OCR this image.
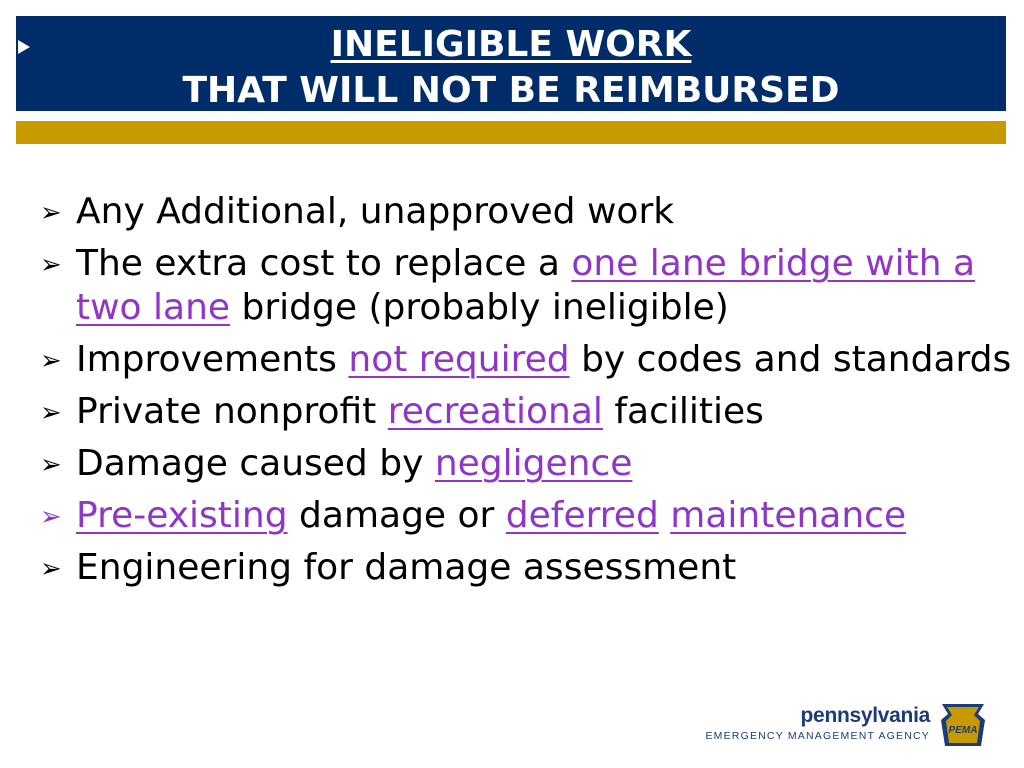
INELIGIBLE WORK
THAT WILL NOT BE REIMBURSED
➢ Any Additional, unapproved work
➢ The extra cost to replace a one lane bridge with a two lane bridge (probably ineligible)
➢ Improvements not required by codes and standards
➢ Private nonprofit recreational facilities
➢ Damage caused by negligence
➢ Pre-existing damage or deferred maintenance
➢ Engineering for damage assessment
pennsylvania
EMERGENCY MANAGEMENT AGENCY PEMA
